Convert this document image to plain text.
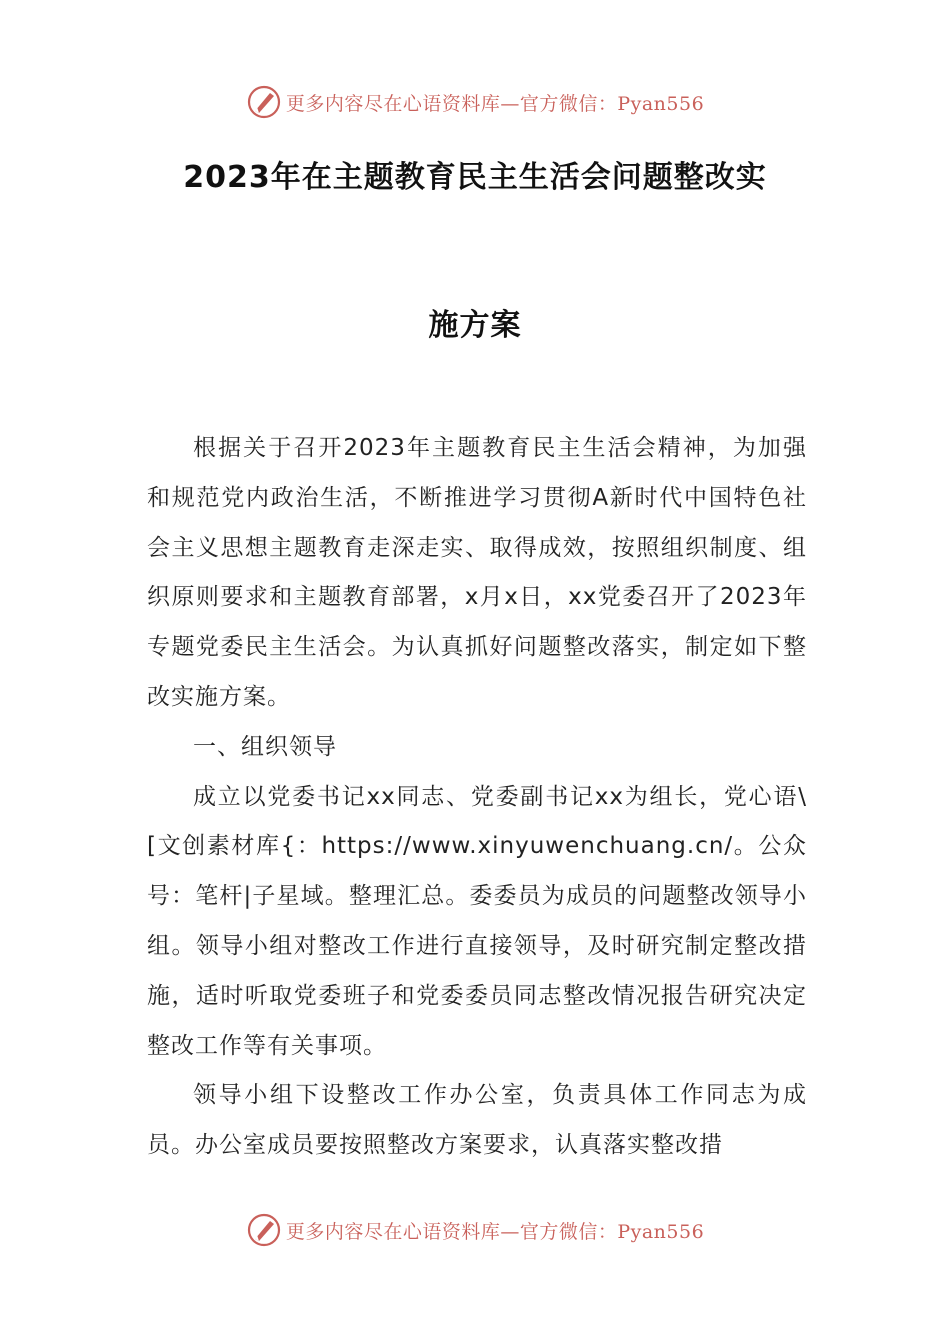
更多内容尽在心语资料库—官方微信：Pyan556
2023年在主题教育民主生活会问题整改实
施方案

根据关于召开2023年主题教育民主生活会精神，为加强和规范党内政治生活，不断推进学习贯彻A新时代中国特色社会主义思想主题教育走深走实、取得成效，按照组织制度、组织原则要求和主题教育部署，x月x日，xx党委召开了2023年专题党委民主生活会。为认真抓好问题整改落实，制定如下整改实施方案。

一、组织领导

成立以党委书记xx同志、党委副书记xx为组长，党心语\[文创素材库{：https://www.xinyuwenchuang.cn/。公众号：笔杆|子星域。整理汇总。委委员为成员的问题整改领导小组。领导小组对整改工作进行直接领导，及时研究制定整改措施，适时听取党委班子和党委委员同志整改情况报告研究决定整改工作等有关事项。

领导小组下设整改工作办公室，负责具体工作同志为成员。办公室成员要按照整改方案要求，认真落实整改措

更多内容尽在心语资料库—官方微信：Pyan556
